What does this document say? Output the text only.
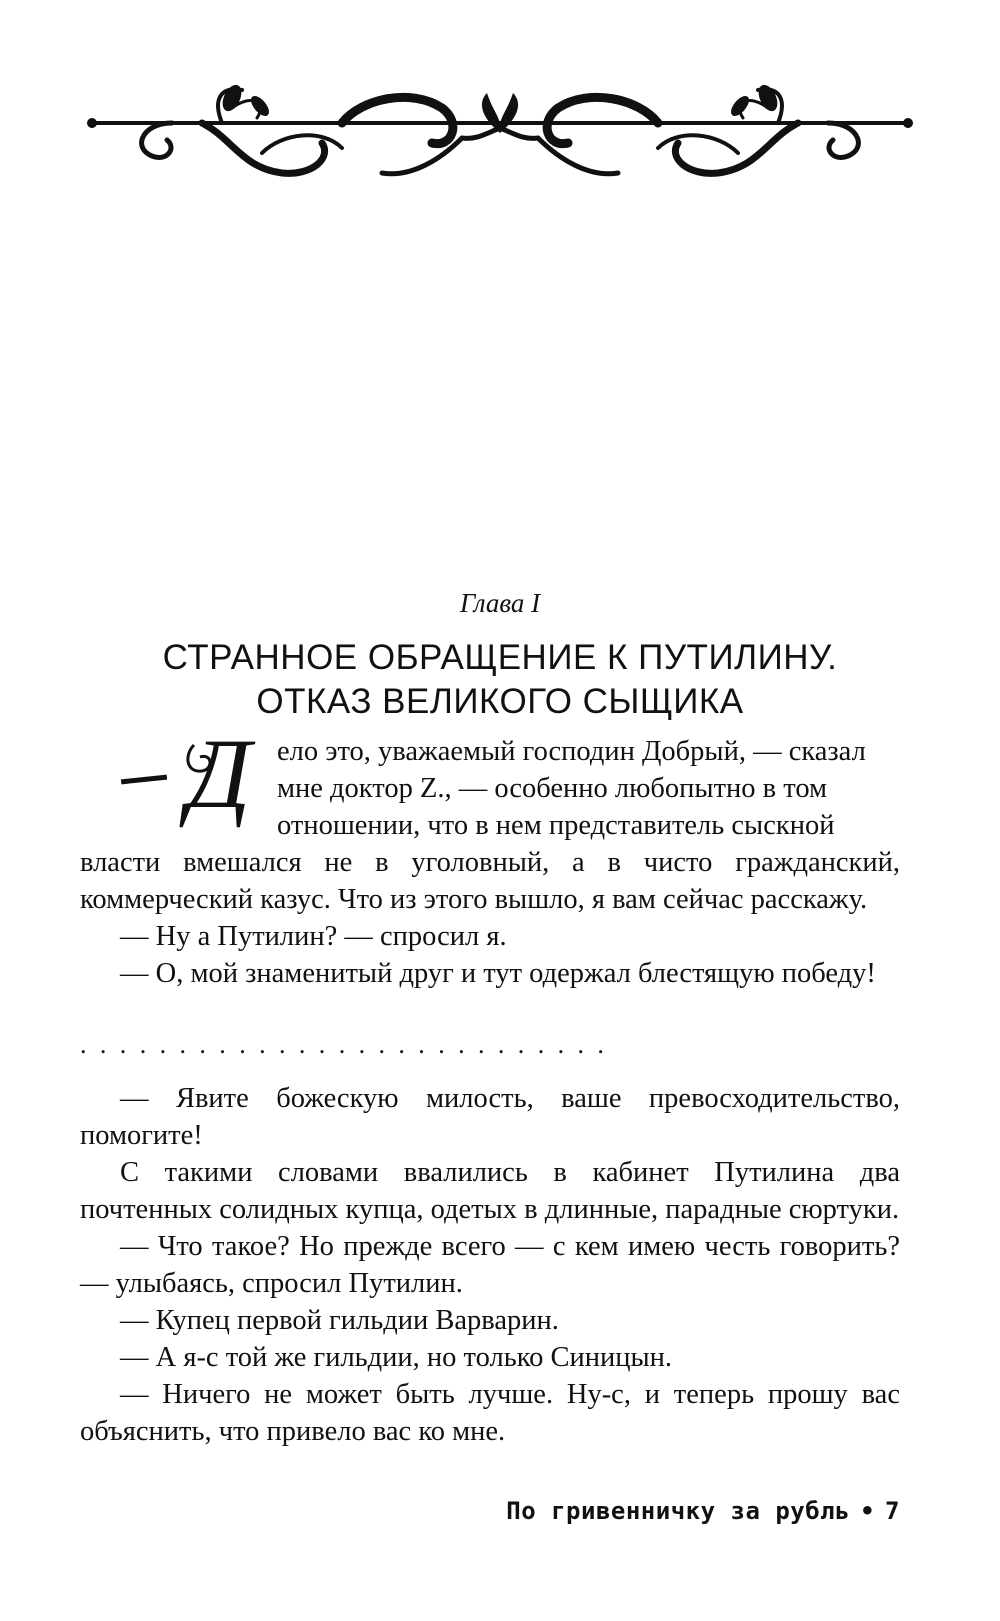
Глава I
СТРАННОЕ ОБРАЩЕНИЕ К ПУТИЛИНУ.
ОТКАЗ ВЕЛИКОГО СЫЩИКА
Д ело это, уважаемый господин Добрый, — сказал
мне доктор Z., — особенно любопытно в том
отношении, что в нем представитель сыскной

власти вмешался не в уголовный, а в чисто гражданский, коммерческий казус. Что из этого вышло, я вам сейчас расскажу.

— Ну а Путилин? — спросил я.

— О, мой знаменитый друг и тут одержал блестящую победу!

...........................

— Явите божескую милость, ваше превосходительство, помогите!

С такими словами ввалились в кабинет Путилина два почтенных солидных купца, одетых в длинные, парадные сюртуки.

— Что такое? Но прежде всего — с кем имею честь говорить? — улыбаясь, спросил Путилин.

— Купец первой гильдии Варварин.

— А я-с той же гильдии, но только Синицын.

— Ничего не может быть лучше. Ну-с, и теперь прошу вас объяснить, что привело вас ко мне.

По гривенничку за рубль • 7
